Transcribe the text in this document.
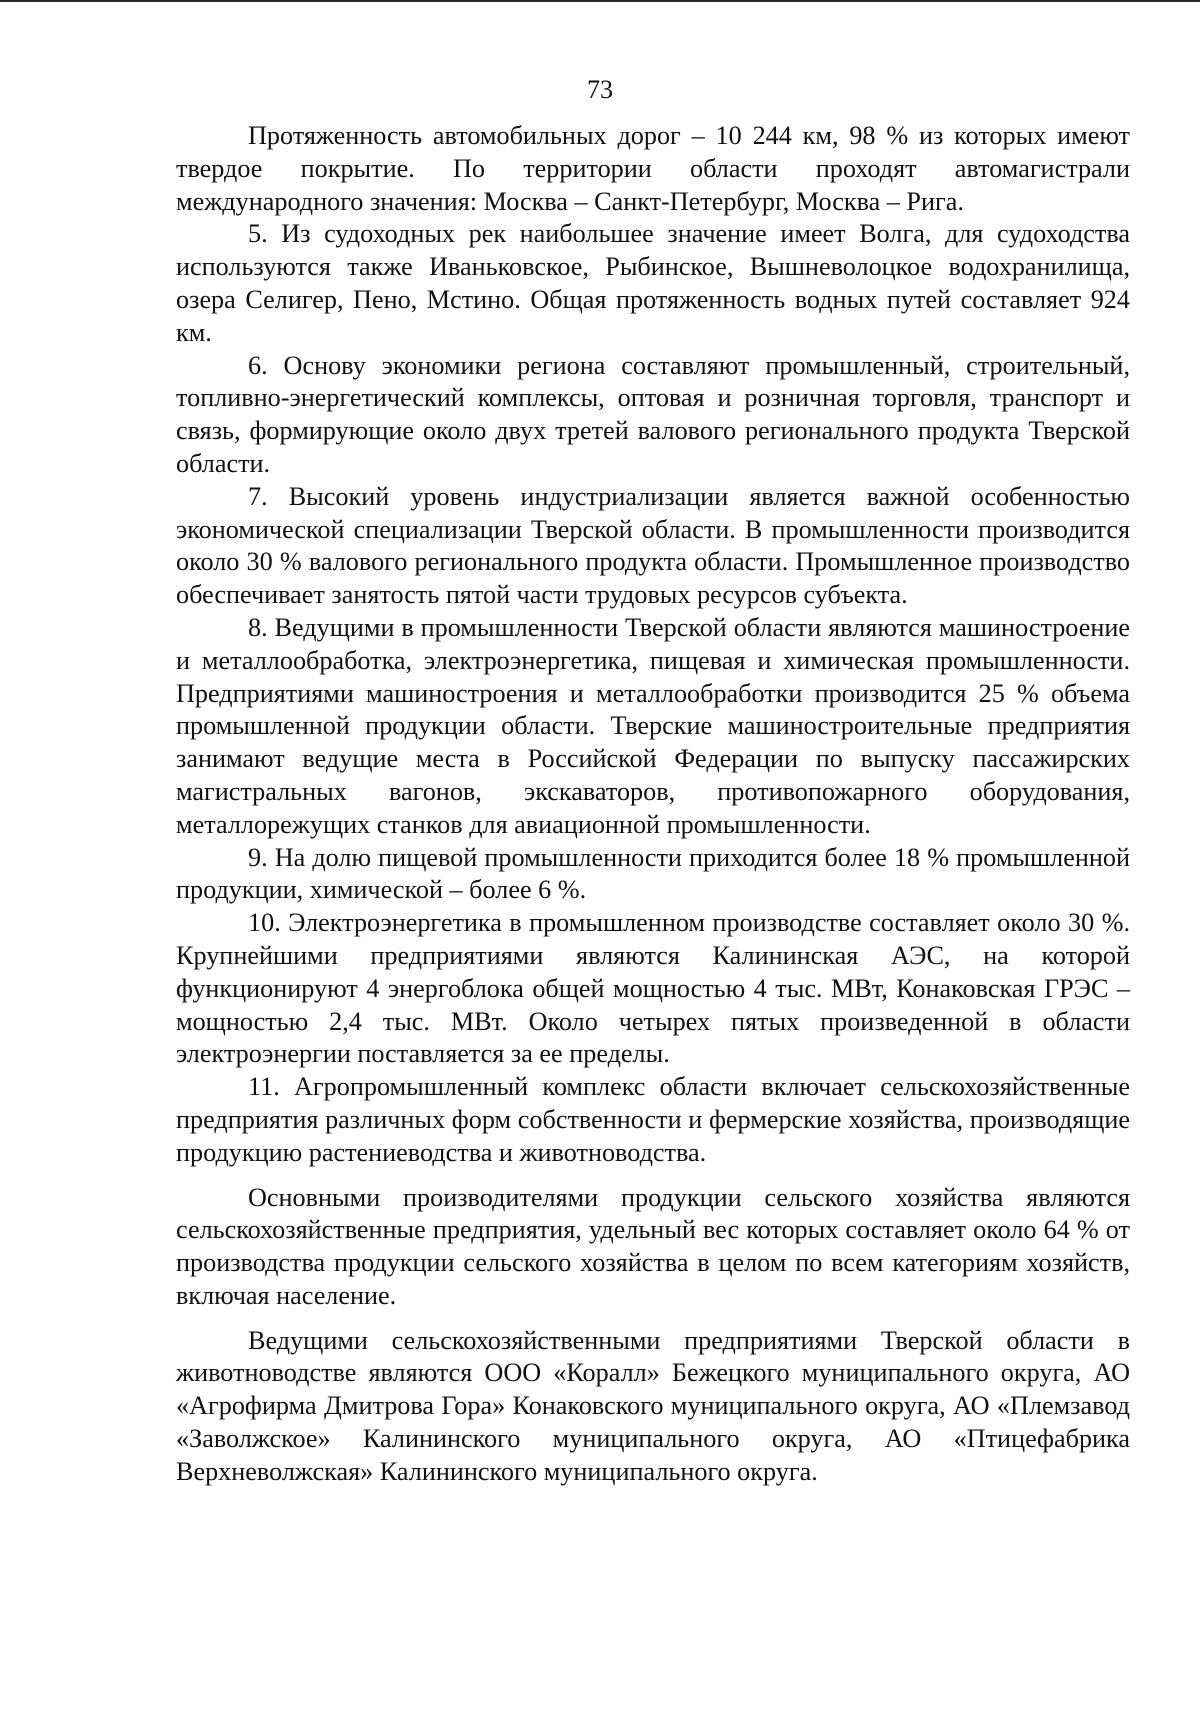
73

Протяженность автомобильных дорог – 10 244 км, 98 % из которых имеют твердое покрытие. По территории области проходят автомагистрали международного значения: Москва – Санкт-Петербург, Москва – Рига.

5. Из судоходных рек наибольшее значение имеет Волга, для судоходства используются также Иваньковское, Рыбинское, Вышневолоцкое водохранилища, озера Селигер, Пено, Мстино. Общая протяженность водных путей составляет 924 км.

6. Основу экономики региона составляют промышленный, строительный, топливно-энергетический комплексы, оптовая и розничная торговля, транспорт и связь, формирующие около двух третей валового регионального продукта Тверской области.

7. Высокий уровень индустриализации является важной особенностью экономической специализации Тверской области. В промышленности производится около 30 % валового регионального продукта области. Промышленное производство обеспечивает занятость пятой части трудовых ресурсов субъекта.

8. Ведущими в промышленности Тверской области являются машиностроение и металлообработка, электроэнергетика, пищевая и химическая промышленности. Предприятиями машиностроения и металлообработки производится 25 % объема промышленной продукции области. Тверские машиностроительные предприятия занимают ведущие места в Российской Федерации по выпуску пассажирских магистральных вагонов, экскаваторов, противопожарного оборудования, металлорежущих станков для авиационной промышленности.

9. На долю пищевой промышленности приходится более 18 % промышленной продукции, химической – более 6 %.

10. Электроэнергетика в промышленном производстве составляет около 30 %. Крупнейшими предприятиями являются Калининская АЭС, на которой функционируют 4 энергоблока общей мощностью 4 тыс. МВт, Конаковская ГРЭС – мощностью 2,4 тыс. МВт. Около четырех пятых произведенной в области электроэнергии поставляется за ее пределы.

11. Агропромышленный комплекс области включает сельскохозяйственные предприятия различных форм собственности и фермерские хозяйства, производящие продукцию растениеводства и животноводства.

Основными производителями продукции сельского хозяйства являются сельскохозяйственные предприятия, удельный вес которых составляет около 64 % от производства продукции сельского хозяйства в целом по всем категориям хозяйств, включая население.

Ведущими сельскохозяйственными предприятиями Тверской области в животноводстве являются ООО «Коралл» Бежецкого муниципального округа, АО «Агрофирма Дмитрова Гора» Конаковского муниципального округа, АО «Племзавод «Заволжское» Калининского муниципального округа, АО «Птицефабрика Верхневолжская» Калининского муниципального округа.
